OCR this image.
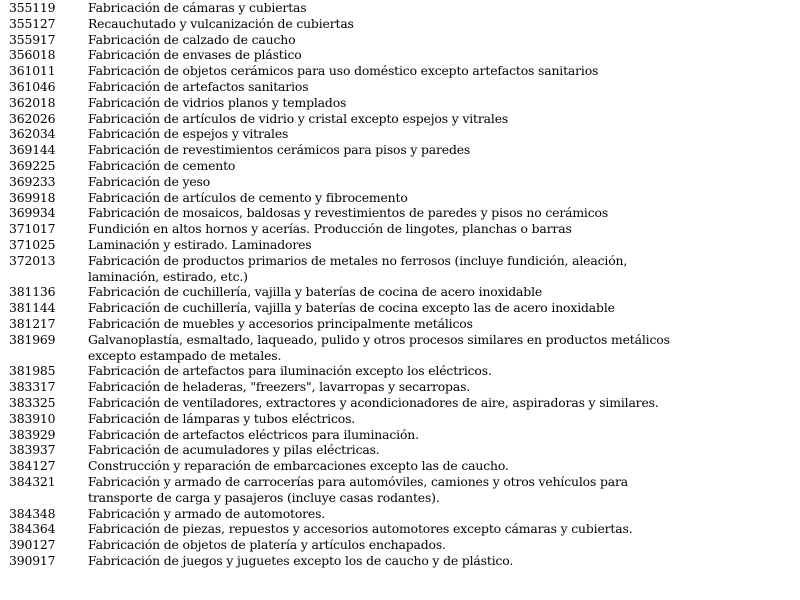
355119	Fabricación de cámaras y cubiertas
355127	Recauchutado y vulcanización de cubiertas
355917	Fabricación de calzado de caucho
356018	Fabricación de envases de plástico
361011	Fabricación de objetos cerámicos para uso doméstico excepto artefactos sanitarios
361046	Fabricación de artefactos sanitarios
362018	Fabricación de vidrios planos y templados
362026	Fabricación de artículos de vidrio y cristal excepto espejos y vitrales
362034	Fabricación de espejos y vitrales
369144	Fabricación de revestimientos cerámicos para pisos y paredes
369225	Fabricación de cemento
369233	Fabricación de yeso
369918	Fabricación de artículos de cemento y fibrocemento
369934	Fabricación de mosaicos, baldosas y revestimientos de paredes y pisos no cerámicos
371017	Fundición en altos hornos y acerías. Producción de lingotes, planchas o barras
371025	Laminación y estirado. Laminadores
372013	Fabricación de productos primarios de metales no ferrosos (incluye fundición, aleación, laminación, estirado, etc.)
381136	Fabricación de cuchillería, vajilla y baterías de cocina de acero inoxidable
381144	Fabricación de cuchillería, vajilla y baterías de cocina excepto las de acero inoxidable
381217	Fabricación de muebles y accesorios principalmente metálicos
381969	Galvanoplastía, esmaltado, laqueado, pulido y otros procesos similares en productos metálicos excepto estampado de metales.
381985	Fabricación de artefactos para iluminación excepto los eléctricos.
383317	Fabricación de heladeras, "freezers", lavarropas y secarropas.
383325	Fabricación de ventiladores, extractores y acondicionadores de aire, aspiradoras y similares.
383910	Fabricación de lámparas y tubos eléctricos.
383929	Fabricación de artefactos eléctricos para iluminación.
383937	Fabricación de acumuladores y pilas eléctricas.
384127	Construcción y reparación de embarcaciones excepto las de caucho.
384321	Fabricación y armado de carrocerías para automóviles, camiones y otros vehículos para transporte de carga y pasajeros (incluye casas rodantes).
384348	Fabricación y armado de automotores.
384364	Fabricación de piezas, repuestos y accesorios automotores excepto cámaras y cubiertas.
390127	Fabricación de objetos de platería y artículos enchapados.
390917	Fabricación de juegos y juguetes excepto los de caucho y de plástico.
